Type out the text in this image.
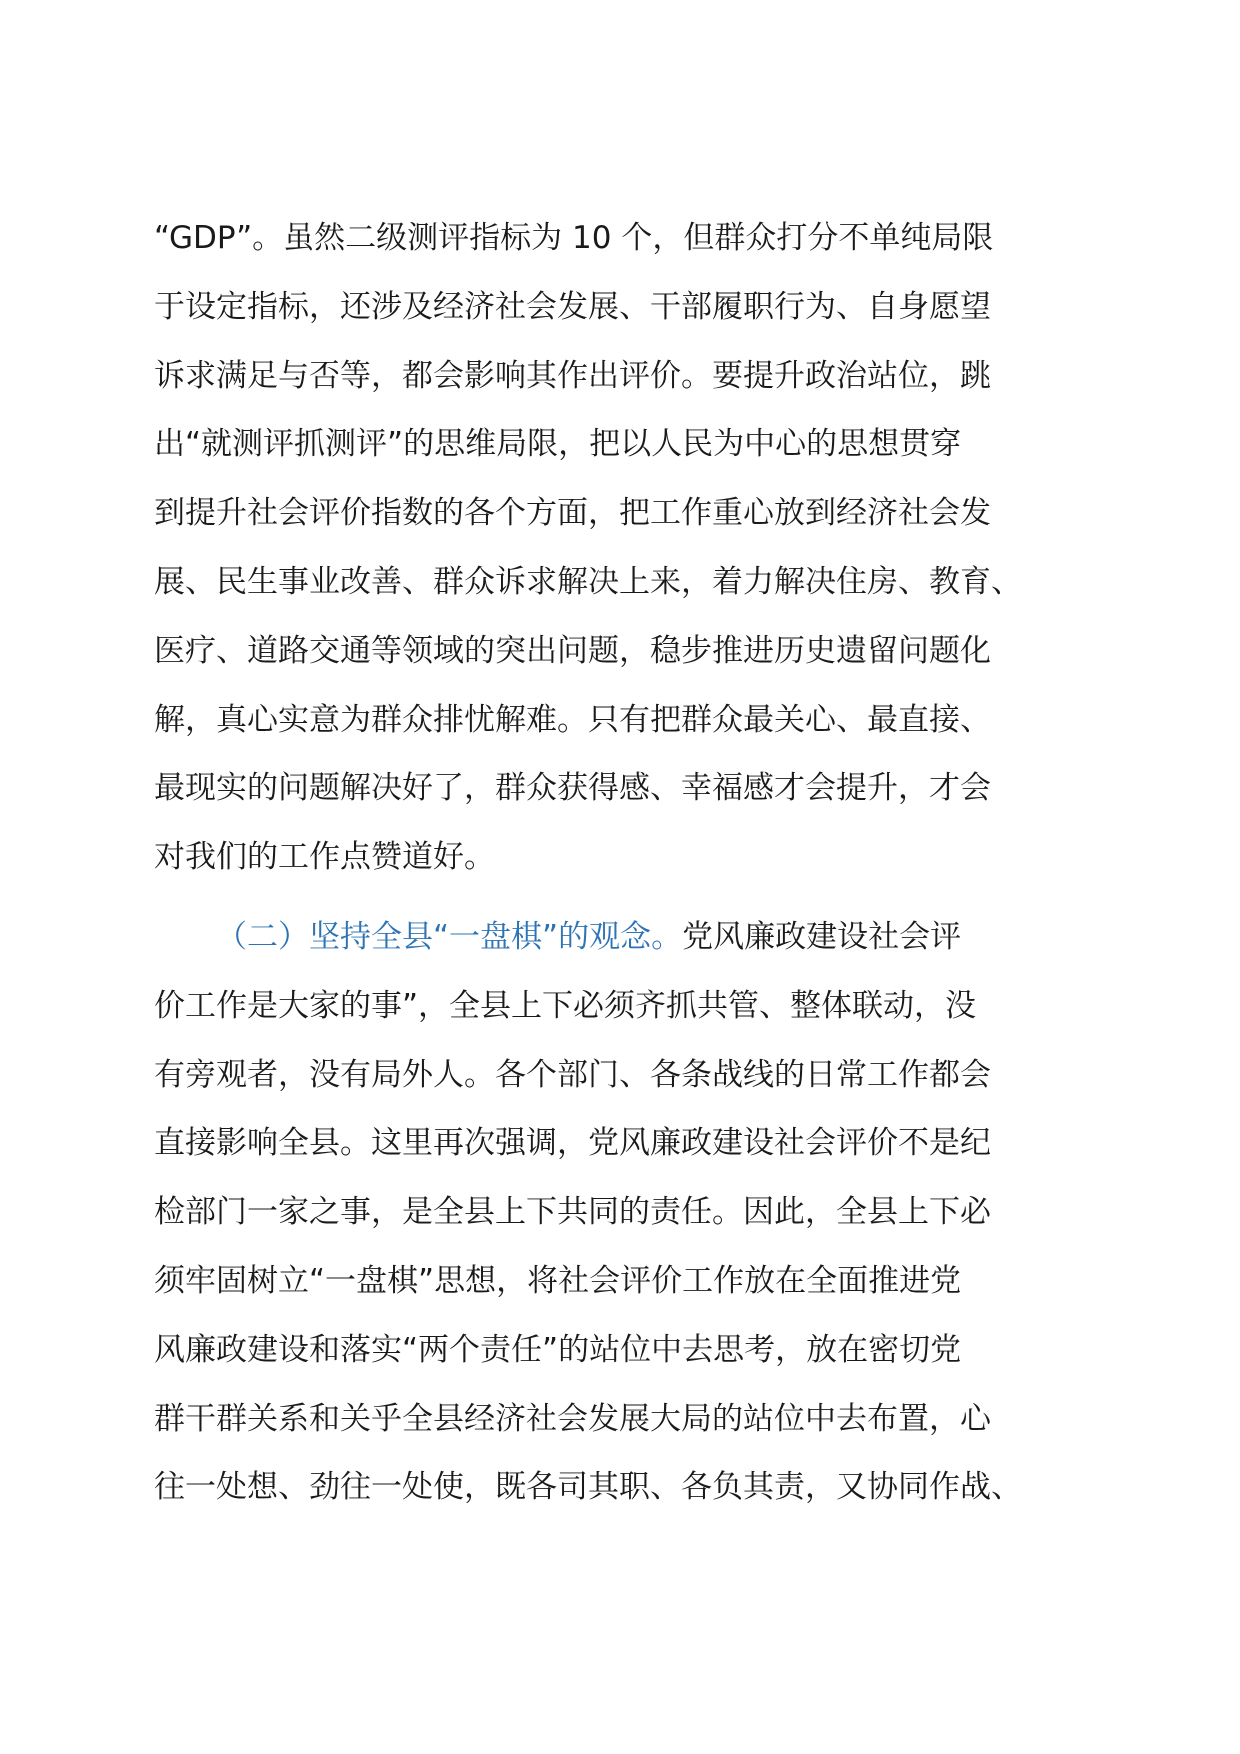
“GDP”。虽然二级测评指标为 10 个，但群众打分不单纯局限
于设定指标，还涉及经济社会发展、干部履职行为、自身愿望
诉求满足与否等，都会影响其作出评价。要提升政治站位，跳
出“就测评抓测评”的思维局限，把以人民为中心的思想贯穿
到提升社会评价指数的各个方面，把工作重心放到经济社会发
展、民生事业改善、群众诉求解决上来，着力解决住房、教育、
医疗、道路交通等领域的突出问题，稳步推进历史遗留问题化
解，真心实意为群众排忧解难。只有把群众最关心、最直接、
最现实的问题解决好了，群众获得感、幸福感才会提升，才会
对我们的工作点赞道好。
（二）坚持全县“一盘棋”的观念。党风廉政建设社会评
价工作是大家的事”，全县上下必须齐抓共管、整体联动，没
有旁观者，没有局外人。各个部门、各条战线的日常工作都会
直接影响全县。这里再次强调，党风廉政建设社会评价不是纪
检部门一家之事，是全县上下共同的责任。因此，全县上下必
须牢固树立“一盘棋”思想，将社会评价工作放在全面推进党
风廉政建设和落实“两个责任”的站位中去思考，放在密切党
群干群关系和关乎全县经济社会发展大局的站位中去布置，心
往一处想、劲往一处使，既各司其职、各负其责，又协同作战、
